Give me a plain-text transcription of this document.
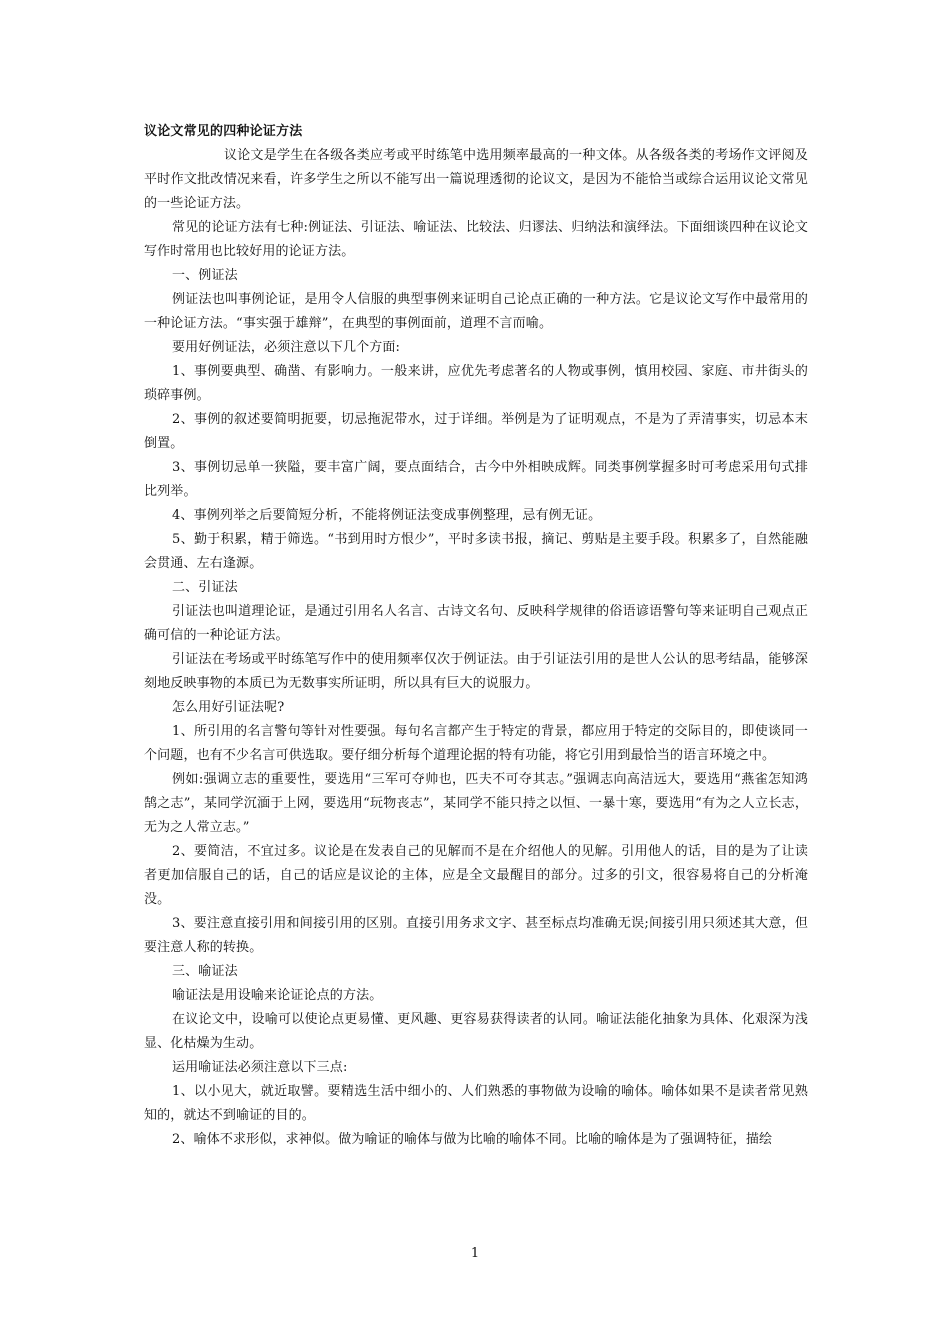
议论文常见的四种论证方法

议论文是学生在各级各类应考或平时练笔中选用频率最高的一种文体。从各级各类的考场作文评阅及平时作文批改情况来看，许多学生之所以不能写出一篇说理透彻的论议文，是因为不能恰当或综合运用议论文常见的一些论证方法。

常见的论证方法有七种:例证法、引证法、喻证法、比较法、归谬法、归纳法和演绎法。下面细谈四种在议论文写作时常用也比较好用的论证方法。

一、例证法

例证法也叫事例论证，是用令人信服的典型事例来证明自己论点正确的一种方法。它是议论文写作中最常用的一种论证方法。“事实强于雄辩”，在典型的事例面前，道理不言而喻。

要用好例证法，必须注意以下几个方面:

1、事例要典型、确凿、有影响力。一般来讲，应优先考虑著名的人物或事例，慎用校园、家庭、市井街头的琐碎事例。

2、事例的叙述要简明扼要，切忌拖泥带水，过于详细。举例是为了证明观点，不是为了弄清事实，切忌本末倒置。

3、事例切忌单一狭隘，要丰富广阔，要点面结合，古今中外相映成辉。同类事例掌握多时可考虑采用句式排比列举。

4、事例列举之后要简短分析，不能将例证法变成事例整理，忌有例无证。

5、勤于积累，精于筛选。“书到用时方恨少”，平时多读书报，摘记、剪贴是主要手段。积累多了，自然能融会贯通、左右逢源。

二、引证法

引证法也叫道理论证，是通过引用名人名言、古诗文名句、反映科学规律的俗语谚语警句等来证明自己观点正确可信的一种论证方法。

引证法在考场或平时练笔写作中的使用频率仅次于例证法。由于引证法引用的是世人公认的思考结晶，能够深刻地反映事物的本质已为无数事实所证明，所以具有巨大的说服力。

怎么用好引证法呢?

1、所引用的名言警句等针对性要强。每句名言都产生于特定的背景，都应用于特定的交际目的，即使谈同一个问题，也有不少名言可供选取。要仔细分析每个道理论据的特有功能，将它引用到最恰当的语言环境之中。

例如:强调立志的重要性，要选用“三军可夺帅也，匹夫不可夺其志。”强调志向高洁远大，要选用“燕雀怎知鸿鹄之志”，某同学沉湎于上网，要选用“玩物丧志”，某同学不能只持之以恒、一暴十寒，要选用“有为之人立长志，无为之人常立志。”

2、要简洁，不宜过多。议论是在发表自己的见解而不是在介绍他人的见解。引用他人的话，目的是为了让读者更加信服自己的话，自己的话应是议论的主体，应是全文最醒目的部分。过多的引文，很容易将自己的分析淹没。

3、要注意直接引用和间接引用的区别。直接引用务求文字、甚至标点均准确无误;间接引用只须述其大意，但要注意人称的转换。

三、喻证法

喻证法是用设喻来论证论点的方法。

在议论文中，设喻可以使论点更易懂、更风趣、更容易获得读者的认同。喻证法能化抽象为具体、化艰深为浅显、化枯燥为生动。

运用喻证法必须注意以下三点:

1、以小见大，就近取譬。要精选生活中细小的、人们熟悉的事物做为设喻的喻体。喻体如果不是读者常见熟知的，就达不到喻证的目的。

2、喻体不求形似，求神似。做为喻证的喻体与做为比喻的喻体不同。比喻的喻体是为了强调特征，描绘

1
